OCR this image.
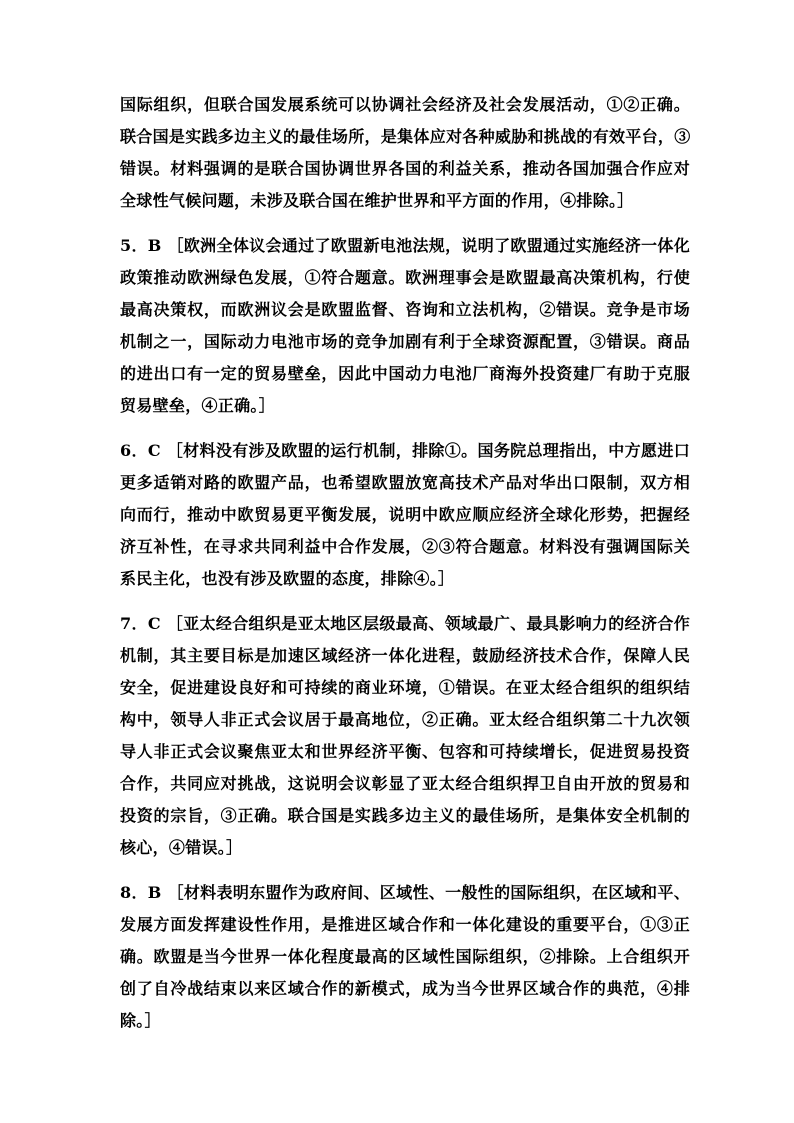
国际组织，但联合国发展系统可以协调社会经济及社会发展活动，①②正确。
联合国是实践多边主义的最佳场所，是集体应对各种威胁和挑战的有效平台，③
错误。材料强调的是联合国协调世界各国的利益关系，推动各国加强合作应对
全球性气候问题，未涉及联合国在维护世界和平方面的作用，④排除。］
5．B ［欧洲全体议会通过了欧盟新电池法规，说明了欧盟通过实施经济一体化
政策推动欧洲绿色发展，①符合题意。欧洲理事会是欧盟最高决策机构，行使
最高决策权，而欧洲议会是欧盟监督、咨询和立法机构，②错误。竞争是市场
机制之一，国际动力电池市场的竞争加剧有利于全球资源配置，③错误。商品
的进出口有一定的贸易壁垒，因此中国动力电池厂商海外投资建厂有助于克服
贸易壁垒，④正确。］
6．C ［材料没有涉及欧盟的运行机制，排除①。国务院总理指出，中方愿进口
更多适销对路的欧盟产品，也希望欧盟放宽高技术产品对华出口限制，双方相
向而行，推动中欧贸易更平衡发展，说明中欧应顺应经济全球化形势，把握经
济互补性，在寻求共同利益中合作发展，②③符合题意。材料没有强调国际关
系民主化，也没有涉及欧盟的态度，排除④。］
7．C ［亚太经合组织是亚太地区层级最高、领域最广、最具影响力的经济合作
机制，其主要目标是加速区域经济一体化进程，鼓励经济技术合作，保障人民
安全，促进建设良好和可持续的商业环境，①错误。在亚太经合组织的组织结
构中，领导人非正式会议居于最高地位，②正确。亚太经合组织第二十九次领
导人非正式会议聚焦亚太和世界经济平衡、包容和可持续增长，促进贸易投资
合作，共同应对挑战，这说明会议彰显了亚太经合组织捍卫自由开放的贸易和
投资的宗旨，③正确。联合国是实践多边主义的最佳场所，是集体安全机制的
核心，④错误。］
8．B ［材料表明东盟作为政府间、区域性、一般性的国际组织，在区域和平、
发展方面发挥建设性作用，是推进区域合作和一体化建设的重要平台，①③正
确。欧盟是当今世界一体化程度最高的区域性国际组织，②排除。上合组织开
创了自冷战结束以来区域合作的新模式，成为当今世界区域合作的典范，④排
除。］
